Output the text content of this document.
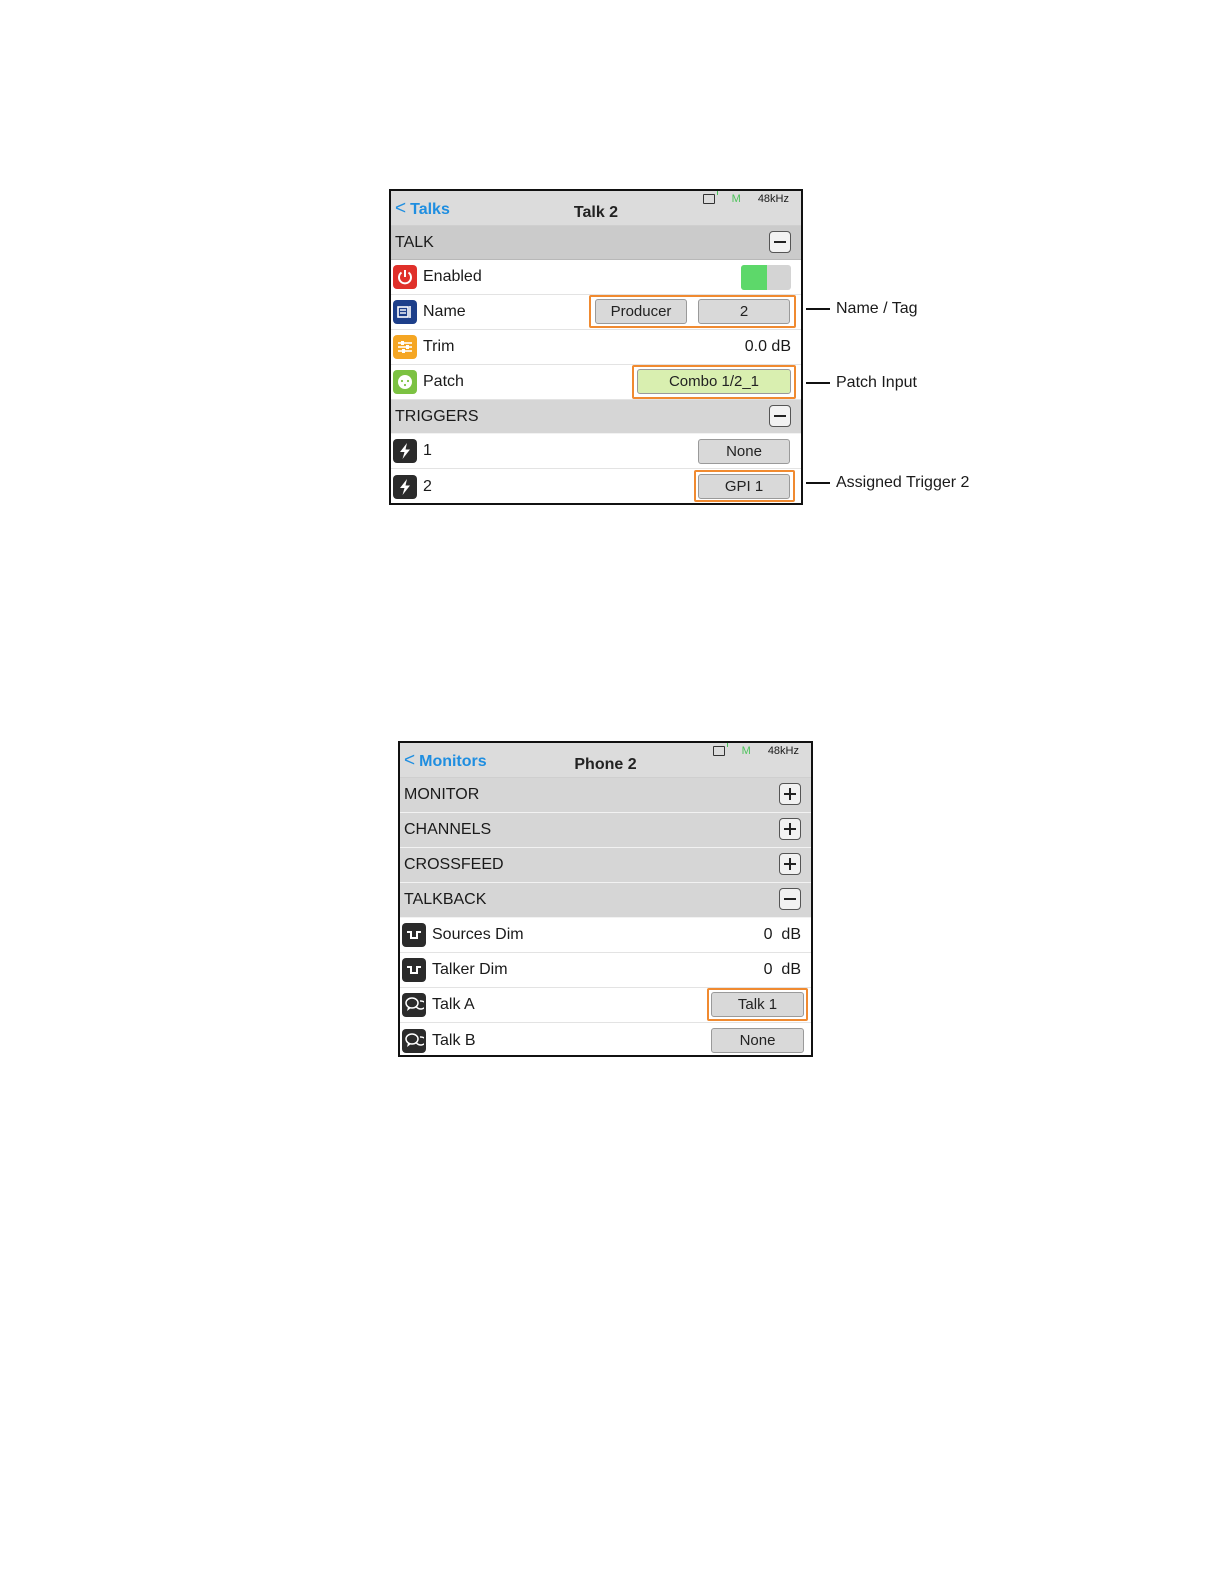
< Talks	Talk 2
M 48kHz
TALK
Enabled
Name	Producer	2
Trim	0.0 dB
Patch	Combo 1/2_1
TRIGGERS
1	None
2	GPI 1
Name / Tag
Patch Input
Assigned Trigger 2
< Monitors	Phone 2
M 48kHz
MONITOR
CHANNELS
CROSSFEED
TALKBACK
Sources Dim	0  dB
Talker Dim	0  dB
Talk A	Talk 1
Talk B	None
